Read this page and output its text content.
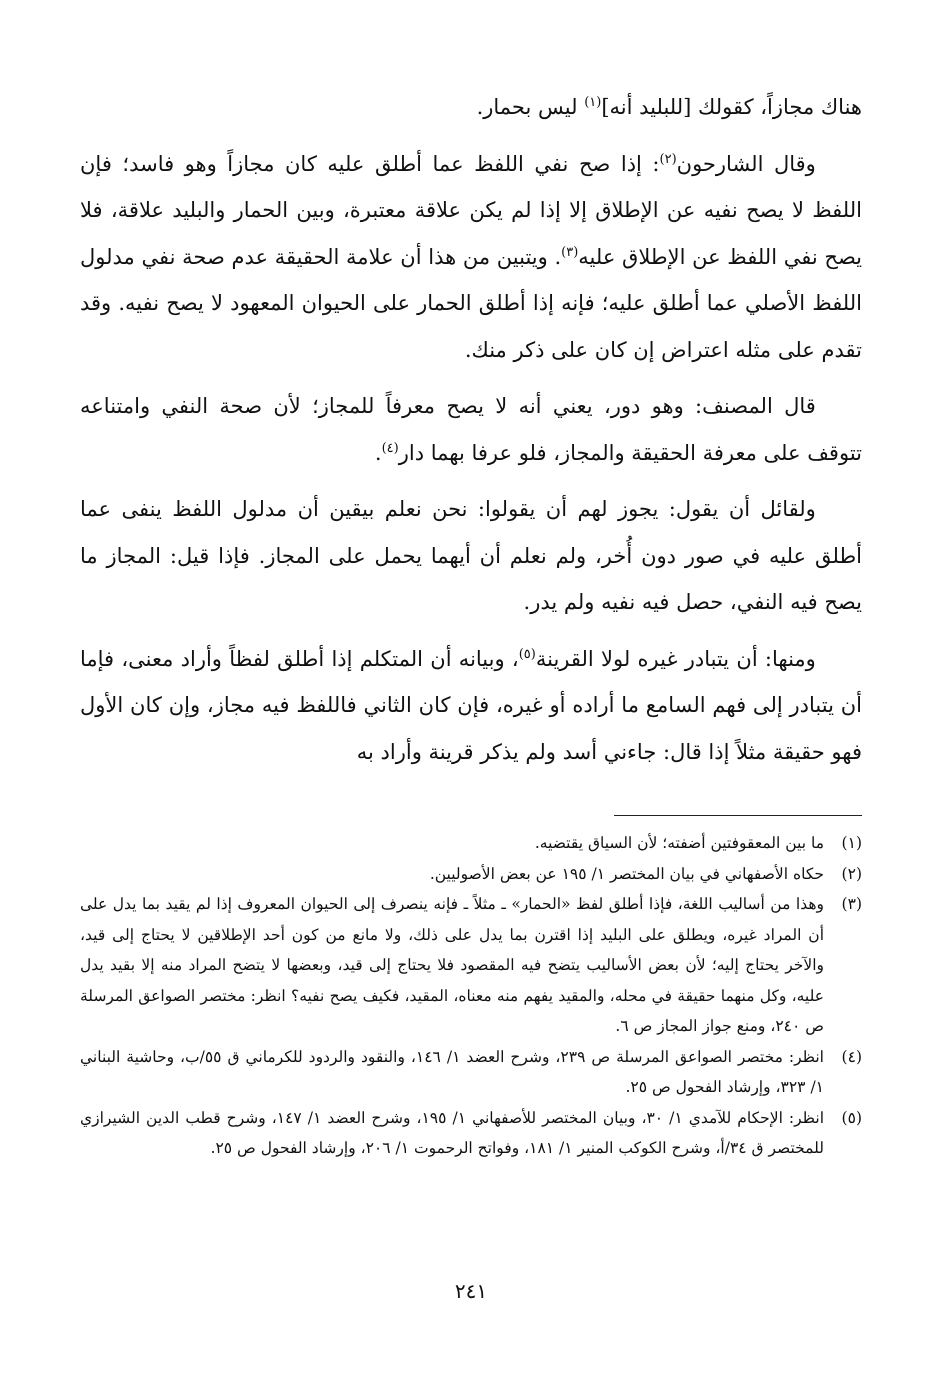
هناك مجازاً، كقولك [للبليد أنه]$^{(١)}$ ليس بحمار.

وقال الشارحون$^{(٢)}$: إذا صح نفي اللفظ عما أطلق عليه كان مجازاً وهو فاسد؛ فإن اللفظ لا يصح نفيه عن الإطلاق إلا إذا لم يكن علاقة معتبرة، وبين الحمار والبليد علاقة، فلا يصح نفي اللفظ عن الإطلاق عليه$^{(٣)}$. ويتبين من هذا أن علامة الحقيقة عدم صحة نفي مدلول اللفظ الأصلي عما أطلق عليه؛ فإنه إذا أطلق الحمار على الحيوان المعهود لا يصح نفيه. وقد تقدم على مثله اعتراض إن كان على ذكر منك.

قال المصنف: وهو دور، يعني أنه لا يصح معرفاً للمجاز؛ لأن صحة النفي وامتناعه تتوقف على معرفة الحقيقة والمجاز، فلو عرفا بهما دار$^{(٤)}$.

ولقائل أن يقول: يجوز لهم أن يقولوا: نحن نعلم بيقين أن مدلول اللفظ ينفى عما أطلق عليه في صور دون أُخر، ولم نعلم أن أيهما يحمل على المجاز. فإذا قيل: المجاز ما يصح فيه النفي، حصل فيه نفيه ولم يدر.

ومنها: أن يتبادر غيره لولا القرينة$^{(٥)}$، وبيانه أن المتكلم إذا أطلق لفظاً وأراد معنى، فإما أن يتبادر إلى فهم السامع ما أراده أو غيره، فإن كان الثاني فاللفظ فيه مجاز، وإن كان الأول فهو حقيقة مثلاً إذا قال: جاءني أسد ولم يذكر قرينة وأراد به

(١)
ما بين المعقوفتين أضفته؛ لأن السياق يقتضيه.
(٢)
حكاه الأصفهاني في بيان المختصر ١/ ١٩٥ عن بعض الأصوليين.
(٣)
وهذا من أساليب اللغة، فإذا أطلق لفظ «الحمار» ـ مثلاً ـ فإنه ينصرف إلى الحيوان المعروف إذا لم يقيد بما يدل على أن المراد غيره، ويطلق على البليد إذا اقترن بما يدل على ذلك، ولا مانع من كون أحد الإطلاقين لا يحتاج إلى قيد، والآخر يحتاج إليه؛ لأن بعض الأساليب يتضح فيه المقصود فلا يحتاج إلى قيد، وبعضها لا يتضح المراد منه إلا بقيد يدل عليه، وكل منهما حقيقة في محله، والمقيد يفهم منه معناه، المقيد، فكيف يصح نفيه؟ انظر: مختصر الصواعق المرسلة ص ٢٤٠، ومنع جواز المجاز ص ٦.
(٤)
انظر: مختصر الصواعق المرسلة ص ٢٣٩، وشرح العضد ١/ ١٤٦، والنقود والردود للكرماني ق ٥٥/ب، وحاشية البناني ١/ ٣٢٣، وإرشاد الفحول ص ٢٥.
(٥)
انظر: الإحكام للآمدي ١/ ٣٠، وبيان المختصر للأصفهاني ١/ ١٩٥، وشرح العضد ١/ ١٤٧، وشرح قطب الدين الشيرازي للمختصر ق ٣٤/أ، وشرح الكوكب المنير ١/ ١٨١، وفواتح الرحموت ١/ ٢٠٦، وإرشاد الفحول ص ٢٥.
٢٤١
